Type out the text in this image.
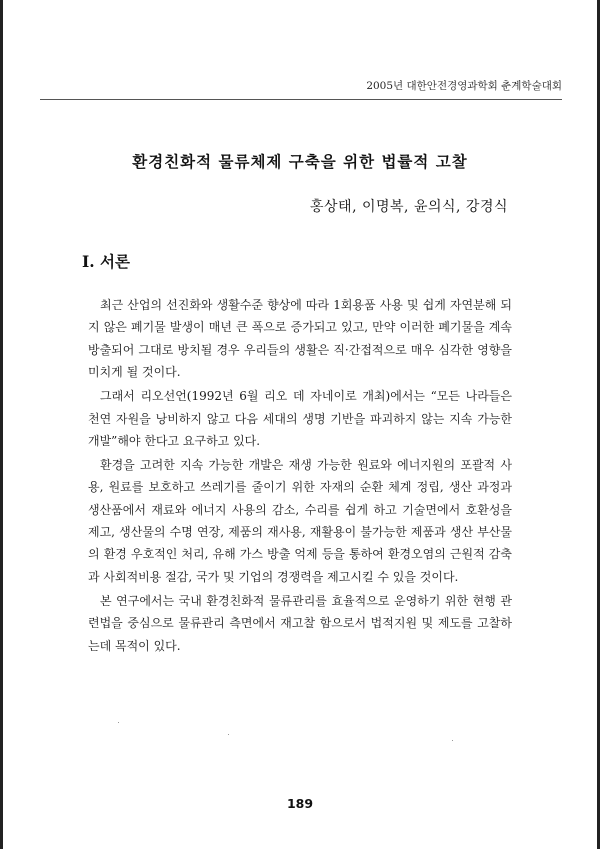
2005년 대한안전경영과학회 춘계학술대회
환경친화적 물류체제 구축을 위한 법률적 고찰
홍상태, 이명복, 윤의식, 강경식
Ⅰ. 서론

최근 산업의 선진화와 생활수준 향상에 따라 1회용품 사용 및 쉽게 자연분해 되지 않은 폐기물 발생이 매년 큰 폭으로 증가되고 있고, 만약 이러한 폐기물을 계속 방출되어 그대로 방치될 경우 우리들의 생활은 직·간접적으로 매우 심각한 영향을 미치게 될 것이다.

그래서 리오선언(1992년 6월 리오 데 자네이로 개최)에서는 “모든 나라들은 천연 자원을 낭비하지 않고 다음 세대의 생명 기반을 파괴하지 않는 지속 가능한 개발”해야 한다고 요구하고 있다.

환경을 고려한 지속 가능한 개발은 재생 가능한 원료와 에너지원의 포괄적 사용, 원료를 보호하고 쓰레기를 줄이기 위한 자재의 순환 체계 정립, 생산 과정과 생산품에서 재료와 에너지 사용의 감소, 수리를 쉽게 하고 기술면에서 호환성을 제고, 생산물의 수명 연장, 제품의 재사용, 재활용이 불가능한 제품과 생산 부산물의 환경 우호적인 처리, 유해 가스 방출 억제 등을 통하여 환경오염의 근원적 감축과 사회적비용 절감, 국가 및 기업의 경쟁력을 제고시킬 수 있을 것이다.

본 연구에서는 국내 환경친화적 물류관리를 효율적으로 운영하기 위한 현행 관련법을 중심으로 물류관리 측면에서 재고찰 함으로서 법적지원 및 제도를 고찰하는데 목적이 있다.

189
